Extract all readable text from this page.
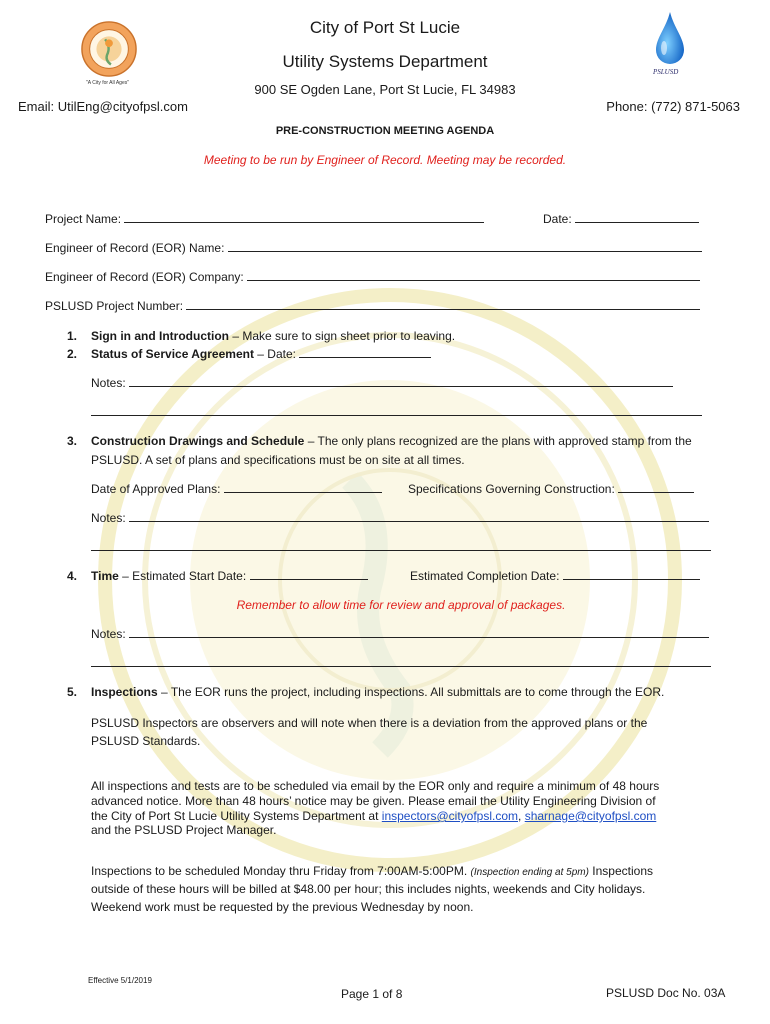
"A City for All Ages"
PSLUSD
City of Port St Lucie
Utility Systems Department
900 SE Ogden Lane, Port St Lucie, FL 34983
Email: UtilEng@cityofpsl.com	Phone: (772) 871-5063
PRE-CONSTRUCTION MEETING AGENDA
Meeting to be run by Engineer of Record. Meeting may be recorded.
Project Name:	Date:
Engineer of Record (EOR) Name:
Engineer of Record (EOR) Company:
PSLUSD Project Number:
1. Sign in and Introduction – Make sure to sign sheet prior to leaving.
2. Status of Service Agreement – Date:
Notes:
3. Construction Drawings and Schedule – The only plans recognized are the plans with approved stamp from the
PSLUSD. A set of plans and specifications must be on site at all times.
Date of Approved Plans:	Specifications Governing Construction:
Notes:
4. Time – Estimated Start Date:	Estimated Completion Date:
Remember to allow time for review and approval of packages.
Notes:
5. Inspections – The EOR runs the project, including inspections. All submittals are to come through the EOR.
PSLUSD Inspectors are observers and will note when there is a deviation from the approved plans or the
PSLUSD Standards.
All inspections and tests are to be scheduled via email by the EOR only and require a minimum of 48 hours
advanced notice. More than 48 hours’ notice may be given. Please email the Utility Engineering Division of
the City of Port St Lucie Utility Systems Department at inspectors@cityofpsl.com, sharnage@cityofpsl.com
and the PSLUSD Project Manager.
Inspections to be scheduled Monday thru Friday from 7:00AM-5:00PM. (Inspection ending at 5pm) Inspections
outside of these hours will be billed at $48.00 per hour; this includes nights, weekends and City holidays.
Weekend work must be requested by the previous Wednesday by noon.
Effective 5/1/2019
Page 1 of 8	PSLUSD Doc No. 03A
